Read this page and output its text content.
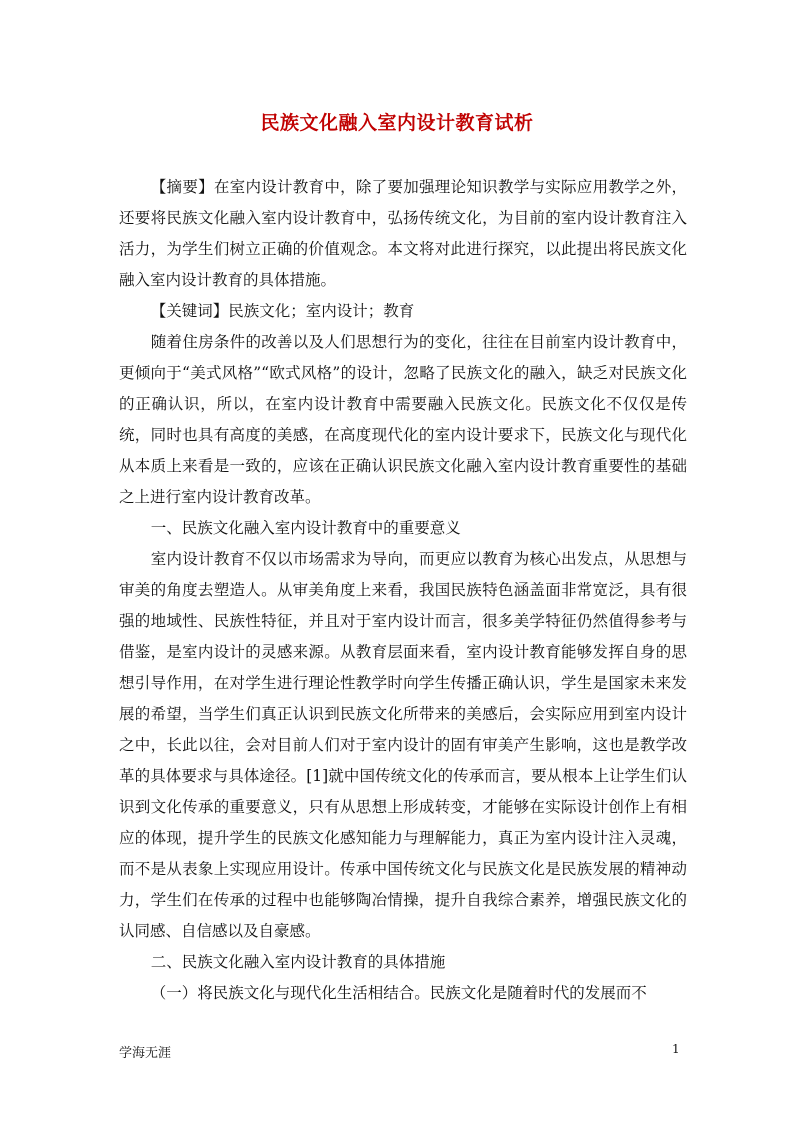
民族文化融入室内设计教育试析

【摘要】在室内设计教育中，除了要加强理论知识教学与实际应用教学之外，还要将民族文化融入室内设计教育中，弘扬传统文化，为目前的室内设计教育注入活力，为学生们树立正确的价值观念。本文将对此进行探究，以此提出将民族文化融入室内设计教育的具体措施。

【关键词】民族文化；室内设计；教育

随着住房条件的改善以及人们思想行为的变化，往往在目前室内设计教育中，更倾向于“美式风格”“欧式风格”的设计，忽略了民族文化的融入，缺乏对民族文化的正确认识，所以，在室内设计教育中需要融入民族文化。民族文化不仅仅是传统，同时也具有高度的美感，在高度现代化的室内设计要求下，民族文化与现代化从本质上来看是一致的，应该在正确认识民族文化融入室内设计教育重要性的基础之上进行室内设计教育改革。

一、民族文化融入室内设计教育中的重要意义

室内设计教育不仅以市场需求为导向，而更应以教育为核心出发点，从思想与审美的角度去塑造人。从审美角度上来看，我国民族特色涵盖面非常宽泛，具有很强的地域性、民族性特征，并且对于室内设计而言，很多美学特征仍然值得参考与借鉴，是室内设计的灵感来源。从教育层面来看，室内设计教育能够发挥自身的思想引导作用，在对学生进行理论性教学时向学生传播正确认识，学生是国家未来发展的希望，当学生们真正认识到民族文化所带来的美感后，会实际应用到室内设计之中，长此以往，会对目前人们对于室内设计的固有审美产生影响，这也是教学改革的具体要求与具体途径。[1]就中国传统文化的传承而言，要从根本上让学生们认识到文化传承的重要意义，只有从思想上形成转变，才能够在实际设计创作上有相应的体现，提升学生的民族文化感知能力与理解能力，真正为室内设计注入灵魂，而不是从表象上实现应用设计。传承中国传统文化与民族文化是民族发展的精神动力，学生们在传承的过程中也能够陶冶情操，提升自我综合素养，增强民族文化的认同感、自信感以及自豪感。

二、民族文化融入室内设计教育的具体措施

（一）将民族文化与现代化生活相结合。民族文化是随着时代的发展而不

学海无涯	1
